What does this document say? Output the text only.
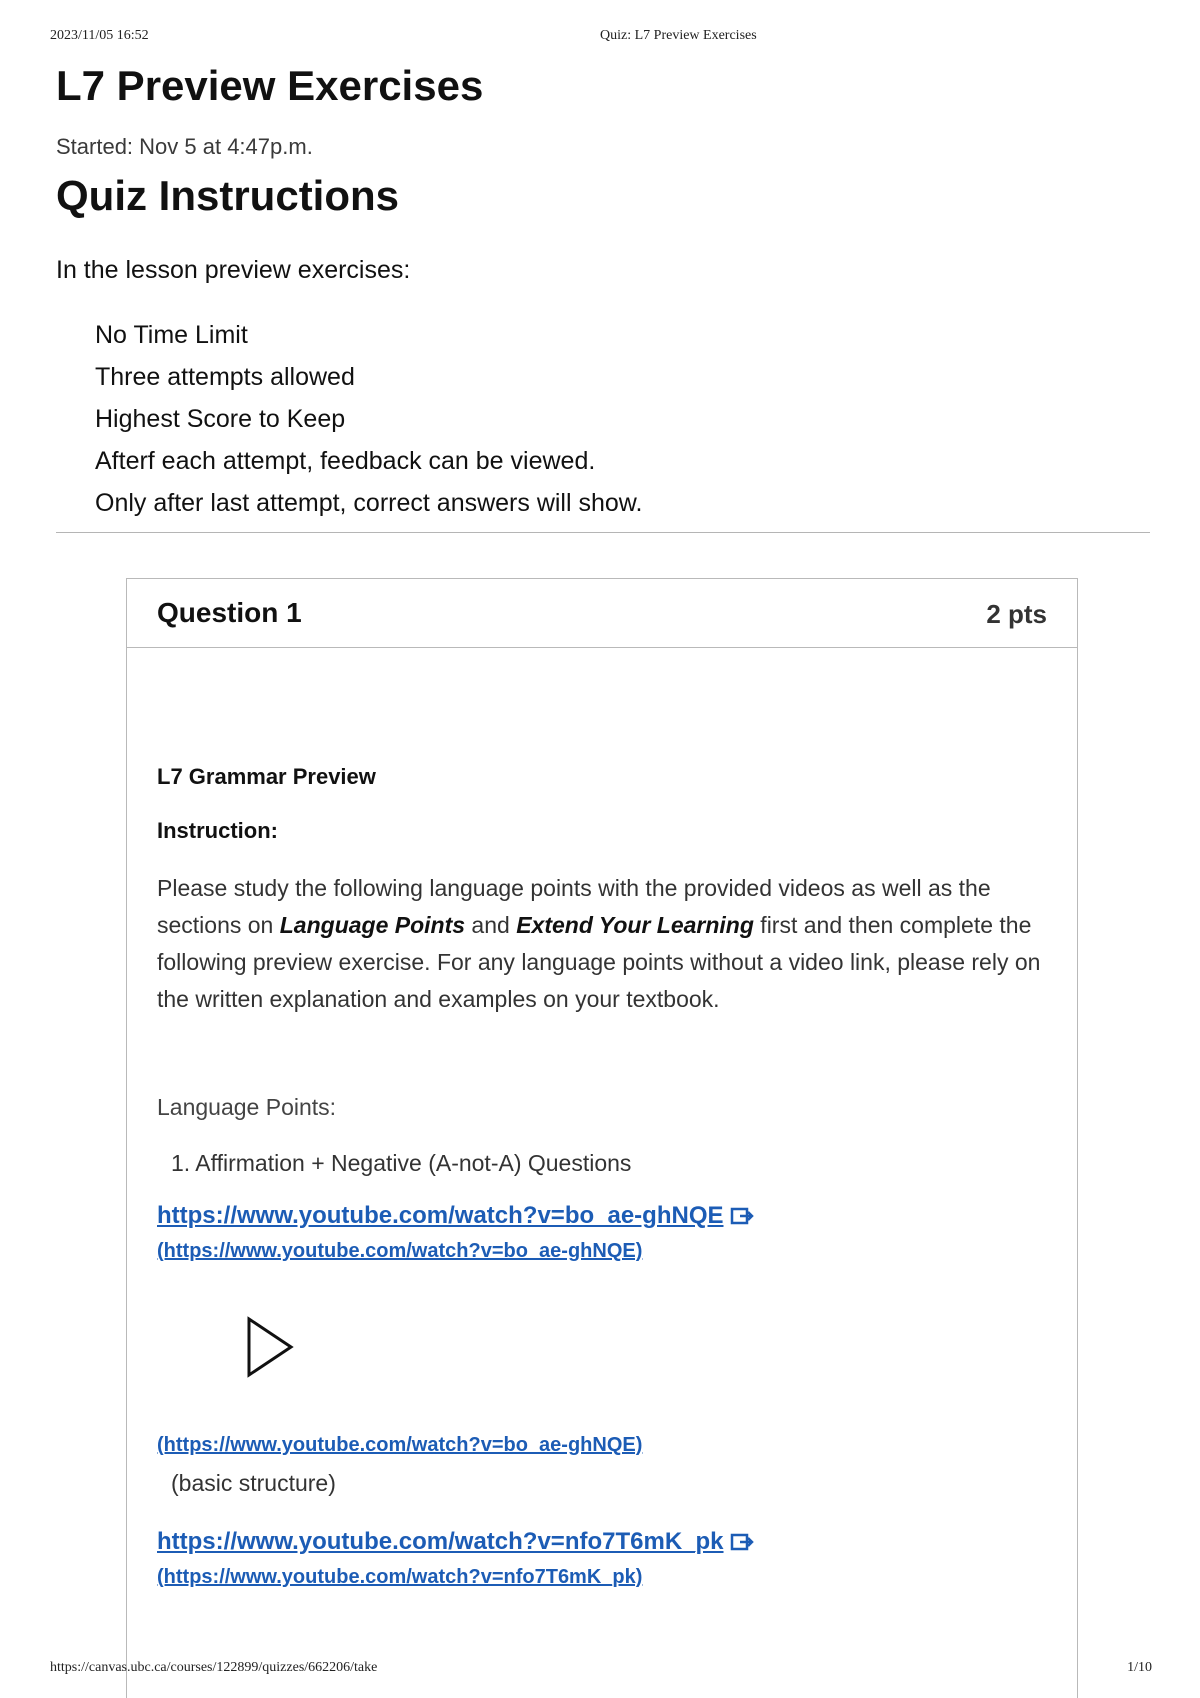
2023/11/05 16:52	Quiz: L7 Preview Exercises
L7 Preview Exercises
Started: Nov 5 at 4:47p.m.
Quiz Instructions
In the lesson preview exercises:
No Time Limit
Three attempts allowed
Highest Score to Keep
Afterf each attempt, feedback can be viewed.
Only after last attempt, correct answers will show.
Question 1	2 pts
L7 Grammar Preview
Instruction:
Please study the following language points with the provided videos as well as the sections on Language Points and Extend Your Learning first and then complete the following preview exercise. For any language points without a video link, please rely on the written explanation and examples on your textbook.
Language Points:
1. Affirmation + Negative (A-not-A) Questions
https://www.youtube.com/watch?v=bo_ae-ghNQE
(https://www.youtube.com/watch?v=bo_ae-ghNQE)
(https://www.youtube.com/watch?v=bo_ae-ghNQE)
(basic structure)
https://www.youtube.com/watch?v=nfo7T6mK_pk
(https://www.youtube.com/watch?v=nfo7T6mK_pk)
https://canvas.ubc.ca/courses/122899/quizzes/662206/take	1/10
